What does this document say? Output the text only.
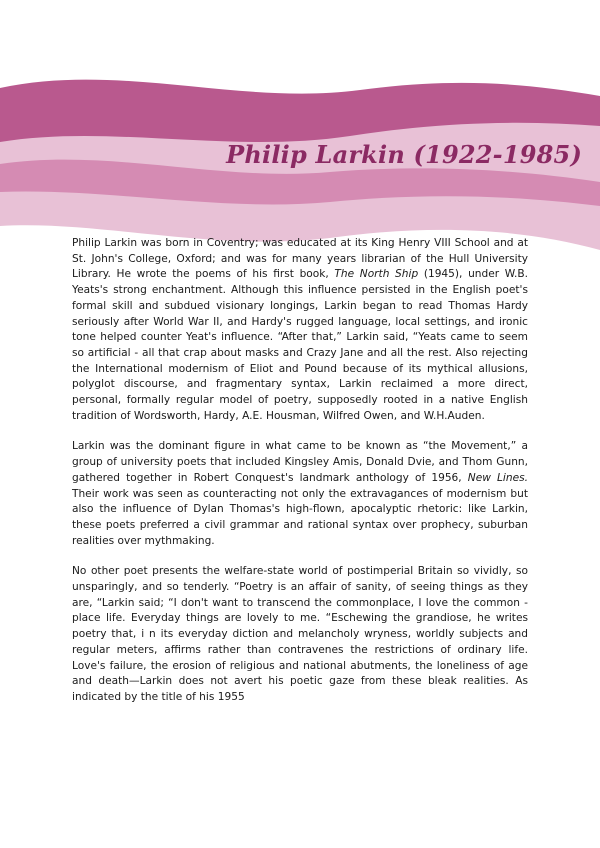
Philip Larkin (1922-1985)

Philip Larkin was born in Coventry; was educated at its King Henry VIII School and at St. John's College, Oxford; and was for many years librarian of the Hull University Library. He wrote the poems of his first book, The North Ship (1945), under W.B. Yeats's strong enchantment. Although this influence persisted in the English poet's formal skill and subdued visionary longings, Larkin began to read Thomas Hardy seriously after World War II, and Hardy's rugged language, local settings, and ironic tone helped counter Yeat's influence. “After that,” Larkin said, “Yeats came to seem so artificial - all that crap about masks and Crazy Jane and all the rest. Also rejecting the International modernism of Eliot and Pound because of its mythical allusions, polyglot discourse, and fragmentary syntax, Larkin reclaimed a more direct, personal, formally regular model of poetry, supposedly rooted in a native English tradition of Wordsworth, Hardy, A.E. Housman, Wilfred Owen, and W.H.Auden.

Larkin was the dominant figure in what came to be known as “the Movement,” a group of university poets that included Kingsley Amis, Donald Dvie, and Thom Gunn, gathered together in Robert Conquest's landmark anthology of 1956, New Lines. Their work was seen as counteracting not only the extravagances of modernism but also the influence of Dylan Thomas's high-flown, apocalyptic rhetoric: like Larkin, these poets preferred a civil grammar and rational syntax over prophecy, suburban realities over mythmaking.

No other poet presents the welfare-state world of postimperial Britain so vividly, so unsparingly, and so tenderly. “Poetry is an affair of sanity, of seeing things as they are, “Larkin said; “I don't want to transcend the commonplace, I love the common - place life. Everyday things are lovely to me. “Eschewing the grandiose, he writes poetry that, i n its everyday diction and melancholy wryness, worldly subjects and regular meters, affirms rather than contravenes the restrictions of ordinary life. Love's failure, the erosion of religious and national abutments, the loneliness of age and death—Larkin does not avert his poetic gaze from these bleak realities. As indicated by the title of his 1955
